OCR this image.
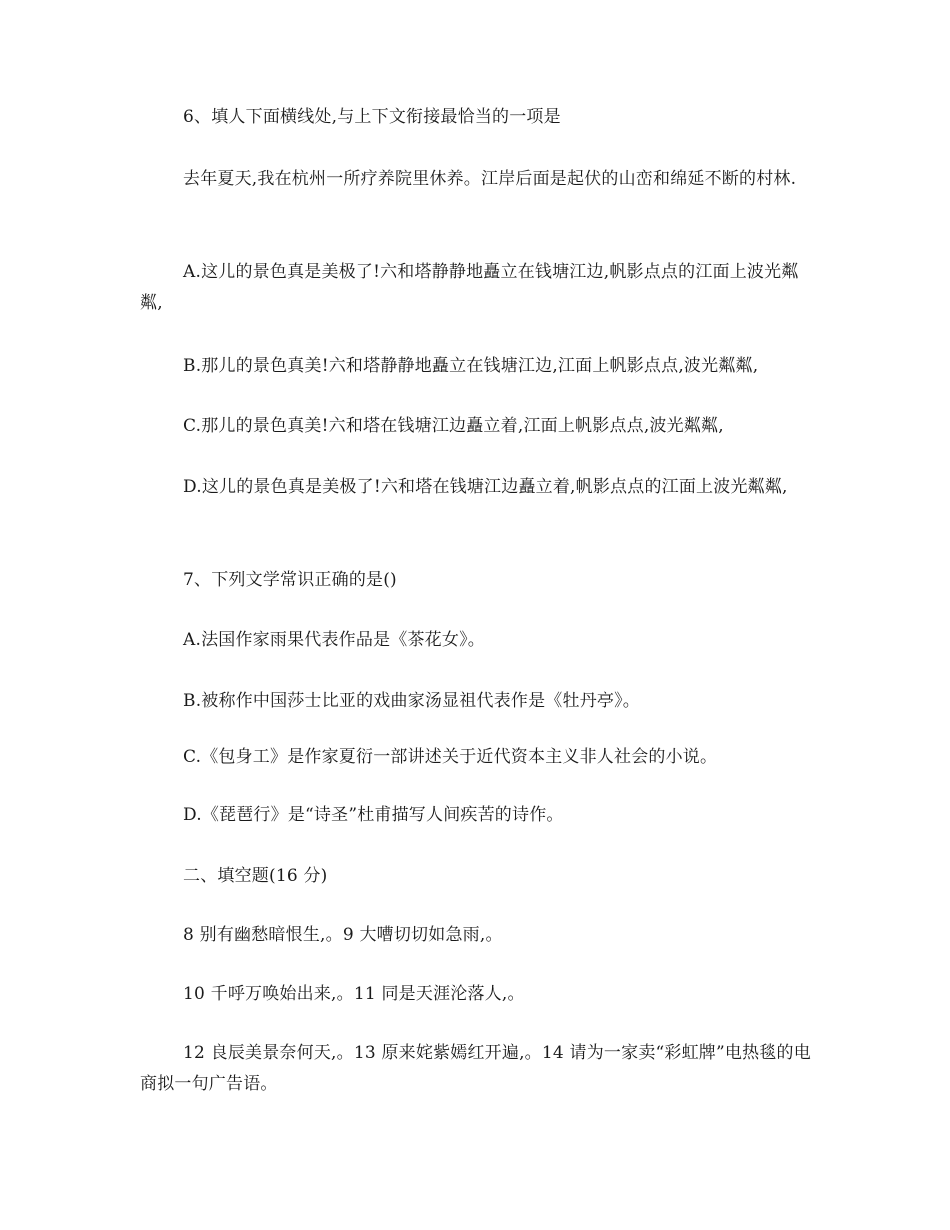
6、填人下面横线处,与上下文衔接最恰当的一项是
去年夏天,我在杭州一所疗养院里休养。江岸后面是起伏的山峦和绵延不断的村林.
A.这儿的景色真是美极了!六和塔静静地矗立在钱塘江边,帆影点点的江面上波光粼粼,
B.那儿的景色真美!六和塔静静地矗立在钱塘江边,江面上帆影点点,波光粼粼,
C.那儿的景色真美!六和塔在钱塘江边矗立着,江面上帆影点点,波光粼粼,
D.这儿的景色真是美极了!六和塔在钱塘江边矗立着,帆影点点的江面上波光粼粼,
7、下列文学常识正确的是()
A.法国作家雨果代表作品是《茶花女》。
B.被称作中国莎士比亚的戏曲家汤显祖代表作是《牡丹亭》。
C.《包身工》是作家夏衍一部讲述关于近代资本主义非人社会的小说。
D.《琵琶行》是“诗圣”杜甫描写人间疾苦的诗作。
二、填空题(16 分)
8 别有幽愁暗恨生,。9 大嘈切切如急雨,。
10 千呼万唤始出来,。11 同是天涯沦落人,。
12 良辰美景奈何天,。13 原来姹紫嫣红开遍,。14 请为一家卖“彩虹牌”电热毯的电商拟一句广告语。
